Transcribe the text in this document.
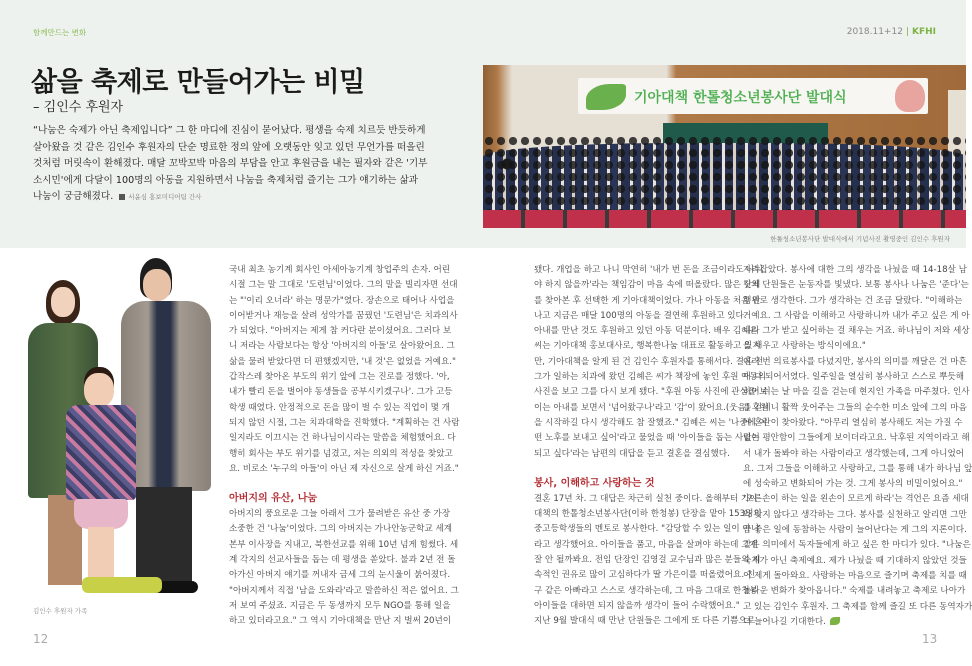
함께만드는 변화	2018.11+12 | KFHI
삶을 축제로 만들어가는 비밀
– 김인수 후원자
“나눔은 숙제가 아닌 축제입니다” 그 한 마디에 진심이 묻어났다. 평생을 숙제 치르듯 반듯하게
살아왔을 것 같은 김인수 후원자의 단순 명료한 정의 앞에 오랫동안 잊고 있던 무언가를 떠올린
것처럼 머릿속이 환해졌다. 매달 꼬박꼬박 마음의 부담을 안고 후원금을 내는 필자와 같은 '기부
소시민'에게 다달이 100명의 아동을 지원하면서 나눔을 축제처럼 즐기는 그가 얘기하는 삶과
나눔이 궁금해졌다. 서윤심 홍보미디어팀 간사
기아대책 한톨청소년봉사단 발대식
한톨청소년봉사단 발대식에서 기념사진 촬영중인 김인수 후원자
김인수 후원자 가족
국내 최초 농기계 회사인 아세아농기계 창업주의 손자. 어린
시절 그는 말 그대로 '도련님'이었다. 그의 말을 빌리자면 선대
는 "'이리 오너라' 하는 명문가"였다. 장손으로 태어나 사업을
이어받거나 재능을 살려 성악가를 꿈꿨던 '도련님'은 치과의사
가 되었다. "아버지는 제게 참 커다란 분이셨어요. 그러다 보
니 저라는 사람보다는 항상 '아버지의 아들'로 살아왔어요. 그
삶을 물려 받았다면 더 편했겠지만, '내 것'은 없었을 거예요."
갑작스레 찾아온 부도의 위기 앞에 그는 진로를 정했다. '아,
내가 빨리 돈을 벌어야 동생들을 공부시키겠구나'. 그가 고등
학생 때였다. 안정적으로 돈을 많이 벌 수 있는 직업이 몇 개
되지 않던 시절, 그는 치과대학을 진학했다. "계획하는 건 사람
일지라도 이끄시는 건 하나님이시라는 말씀을 체험했어요. 다
행히 회사는 부도 위기를 넘겼고, 저는 의외의 적성을 찾았고
요. 비로소 '누구의 아들'이 아닌 제 자신으로 살게 하신 거죠."
아버지의 유산, 나눔
아버지의 풍요로운 그늘 아래서 그가 물려받은 유산 중 가장
소중한 건 '나눔'이었다. 그의 아버지는 가나안농군학교 세계
본부 이사장을 지내고, 북한선교를 위해 10년 넘게 힘썼다. 세
계 각지의 선교사들을 돕는 데 평생을 쏟았다. 불과 2년 전 돌
아가신 아버지 얘기를 꺼내자 금세 그의 눈시울이 붉어졌다.
"아버지께서 직접 '남을 도와라'라고 말씀하신 적은 없어요. 그
저 보여 주셨죠. 지금은 두 동생까지 모두 NGO를 통해 일을
하고 있더라고요." 그 역시 기아대책을 만난 지 벌써 20년이
됐다. 개업을 하고 나니 막연히 '내가 번 돈을 조금이라도 나눠
야 하지 않을까'라는 책임감이 마음 속에 떠올랐다. 많은 단체
를 찾아본 후 선택한 게 기아대책이었다. 가나 아동을 처음 만
나고 지금은 매달 100명의 아동을 결연해 후원하고 있다.
아내를 만난 것도 후원하고 있던 아동 덕분이다. 배우 김혜은
씨는 기아대책 홍보대사로, 행복한나눔 대표로 활동하고 있지
만, 기아대책을 알게 된 건 김인수 후원자를 통해서다. 결혼 전
그가 일하는 치과에 왔던 김혜은 씨가 책장에 놓인 후원 아동의
사진을 보고 그를 다시 보게 됐다. "후원 아동 사진에 관심을 보
이는 아내를 보면서 '넘어왔구나'라고 '감'이 왔어요.(웃음) 후원
을 시작하길 다시 생각해도 참 잘했죠." 김혜은 씨는 '나중에 어
떤 노후를 보내고 싶어'라고 물었을 때 '아이들을 돕는 사람이
되고 싶다'라는 남편의 대답을 듣고 결혼을 결심했다.
봉사, 이해하고 사랑하는 것
결혼 17년 차. 그 대답은 차근히 실천 중이다. 올해부터 기아
대책의 한톨청소년봉사단(이하 한청봉) 단장을 맡아 153명의
중고등학생들의 멘토로 봉사한다. "감당할 수 있는 일이 아니
라고 생각했어요. 아이들을 품고, 마음을 살펴야 하는데 그게
잘 안 될까봐요. 전임 단장인 김영걸 교수님과 많은 분들의 지
속적인 권유로 많이 고심하다가 딸 가은이를 떠올렸어요. 친
구 같은 아빠라고 스스로 생각하는데, 그 마음 그대로 한청봉
아이들을 대하면 되지 않을까 생각이 들어 수락했어요."
지난 9월 발대식 때 만난 단원들은 그에게 또 다른 기쁨으로
자리잡았다. 봉사에 대한 그의 생각을 나눴을 때 14-18살 남
짓의 단원들은 눈동자를 빛냈다. 보통 봉사나 나눔은 '준다'는
행위로 생각한다. 그가 생각하는 건 조금 달랐다. "이해하는
거예요. 그 사람을 이해하고 사랑하니까 내가 주고 싶은 게 아
니라 그가 받고 싶어하는 걸 채우는 거죠. 하나님이 저와 세상
을 채우고 사랑하는 방식이에요."
여러 번 의료봉사를 다녔지만, 봉사의 의미를 깨달은 건 마흔
이 다 되어서였다. 일주일을 열심히 봉사하고 스스로 뿌듯해
하며 쉬는 날 마을 길을 걷는데 현지인 가족을 마주쳤다. 인사
를 건네니 활짝 웃어주는 그들의 순수한 미소 앞에 그의 마음
에 혼란이 찾아왔다. "아무리 열심히 봉사해도 저는 가질 수
없는 평안함이 그들에게 보이더라고요. 낙후된 지역이라고 해
서 내가 돌봐야 하는 사람이라고 생각했는데, 그게 아니었어
요. 그저 그들을 이해하고 사랑하고, 그를 통해 내가 하나님 앞
에 성숙하고 변화되어 가는 것. 그게 봉사의 비밀이었어요."
'오른손이 하는 일을 왼손이 모르게 하라'는 격언은 요즘 세대
와 맞지 않다고 생각하는 그다. 봉사를 실천하고 알리면 그만
큼 좋은 일에 동참하는 사람이 늘어난다는 게 그의 지론이다.
같은 의미에서 독자들에게 하고 싶은 한 마디가 있다. "나눔은
숙제가 아닌 축제예요. 제가 나눴을 때 기대하지 않았던 것들
이 제게 돌아와요. 사랑하는 마음으로 즐기며 축제를 치를 때
놀라운 변화가 찾아옵니다." 숙제를 내려놓고 축제로 나아가
고 있는 김인수 후원자. 그 축제를 함께 즐길 또 다른 동역자가
더 늘어나길 기대한다.
12	13
